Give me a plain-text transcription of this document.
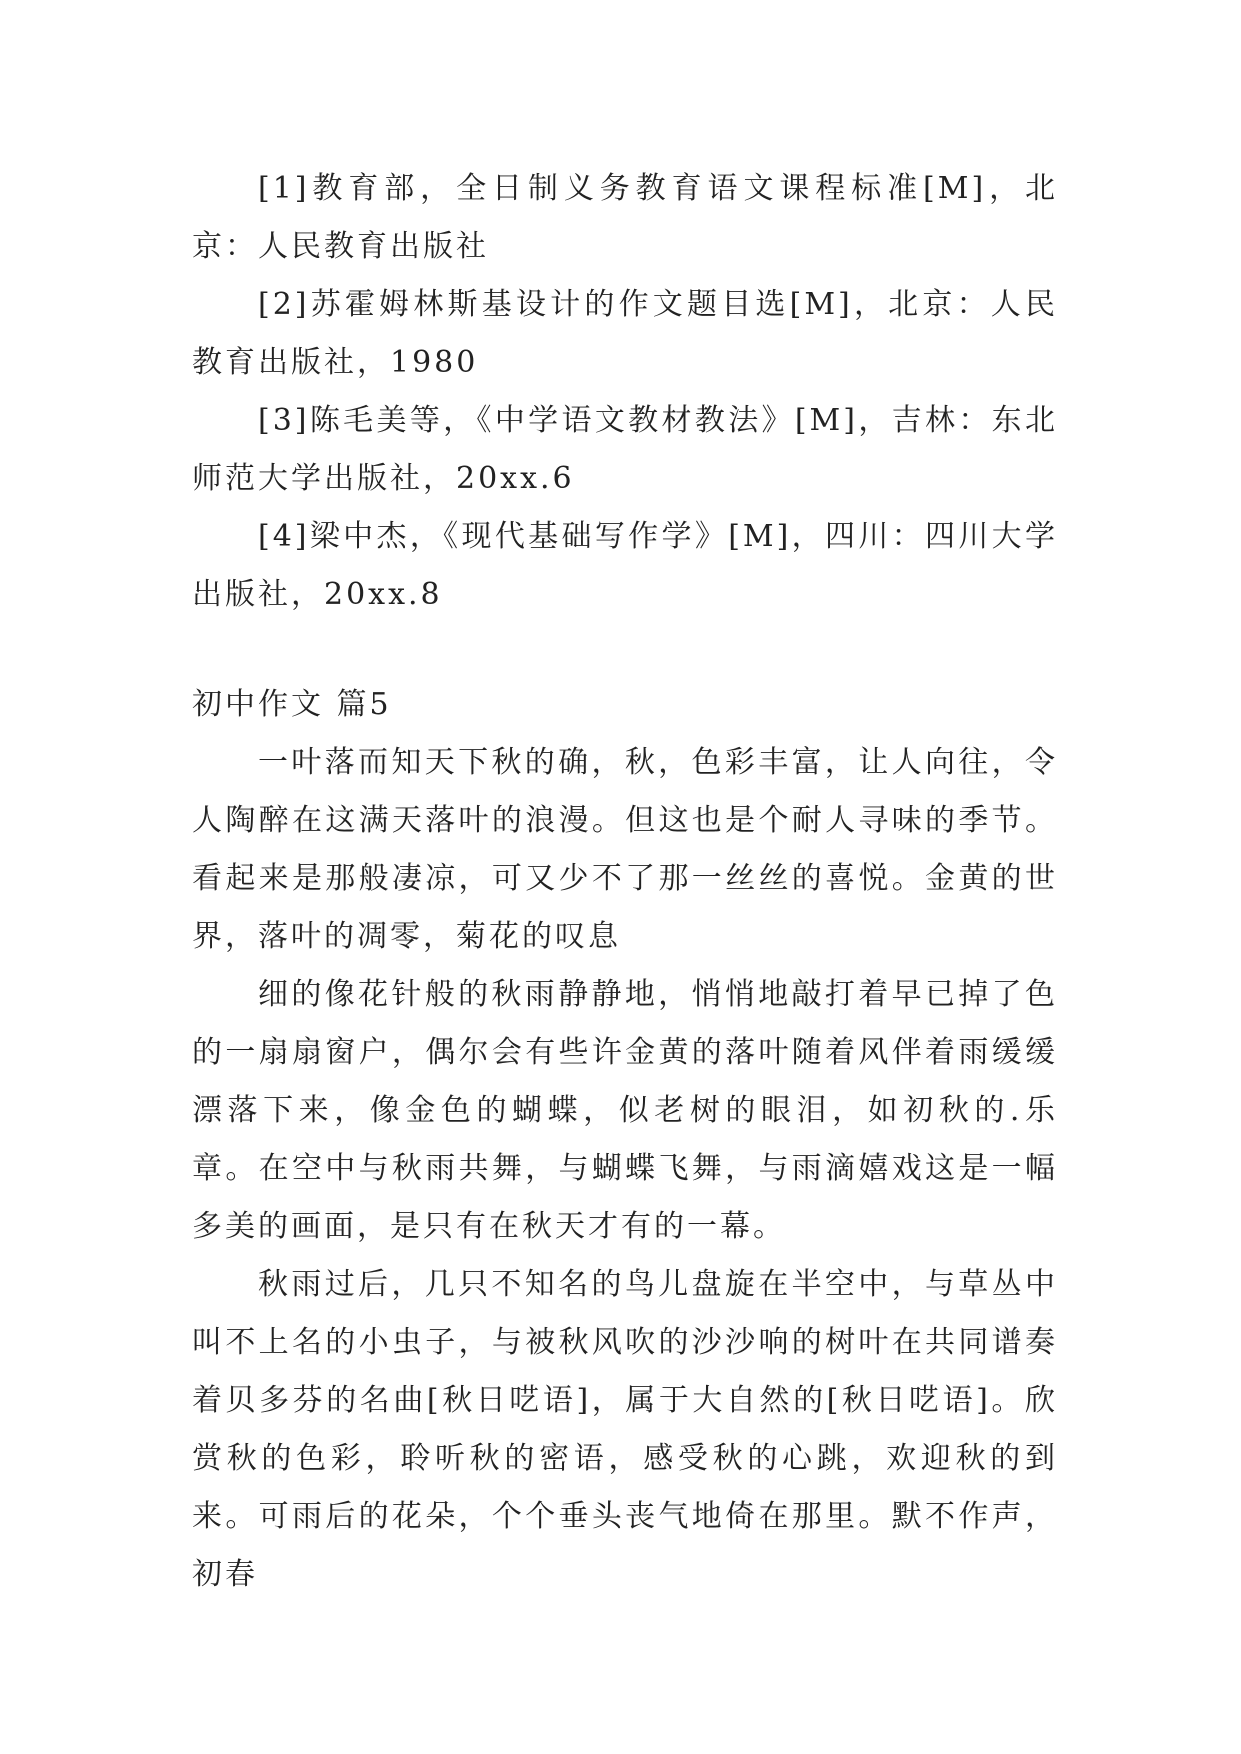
[1]教育部，全日制义务教育语文课程标准[M]，北京：人民教育出版社

[2]苏霍姆林斯基设计的作文题目选[M]，北京：人民教育出版社，1980

[3]陈毛美等，《中学语文教材教法》[M]，吉林：东北师范大学出版社，20xx.6

[4]梁中杰，《现代基础写作学》[M]，四川：四川大学出版社，20xx.8

初中作文 篇5

一叶落而知天下秋的确，秋，色彩丰富，让人向往，令人陶醉在这满天落叶的浪漫。但这也是个耐人寻味的季节。看起来是那般凄凉，可又少不了那一丝丝的喜悦。金黄的世界，落叶的凋零，菊花的叹息

细的像花针般的秋雨静静地，悄悄地敲打着早已掉了色的一扇扇窗户，偶尔会有些许金黄的落叶随着风伴着雨缓缓漂落下来，像金色的蝴蝶，似老树的眼泪，如初秋的.乐章。在空中与秋雨共舞，与蝴蝶飞舞，与雨滴嬉戏这是一幅多美的画面，是只有在秋天才有的一幕。

秋雨过后，几只不知名的鸟儿盘旋在半空中，与草丛中叫不上名的小虫子，与被秋风吹的沙沙响的树叶在共同谱奏着贝多芬的名曲[秋日呓语]，属于大自然的[秋日呓语]。欣赏秋的色彩，聆听秋的密语，感受秋的心跳，欢迎秋的到来。可雨后的花朵，个个垂头丧气地倚在那里。默不作声，初春
